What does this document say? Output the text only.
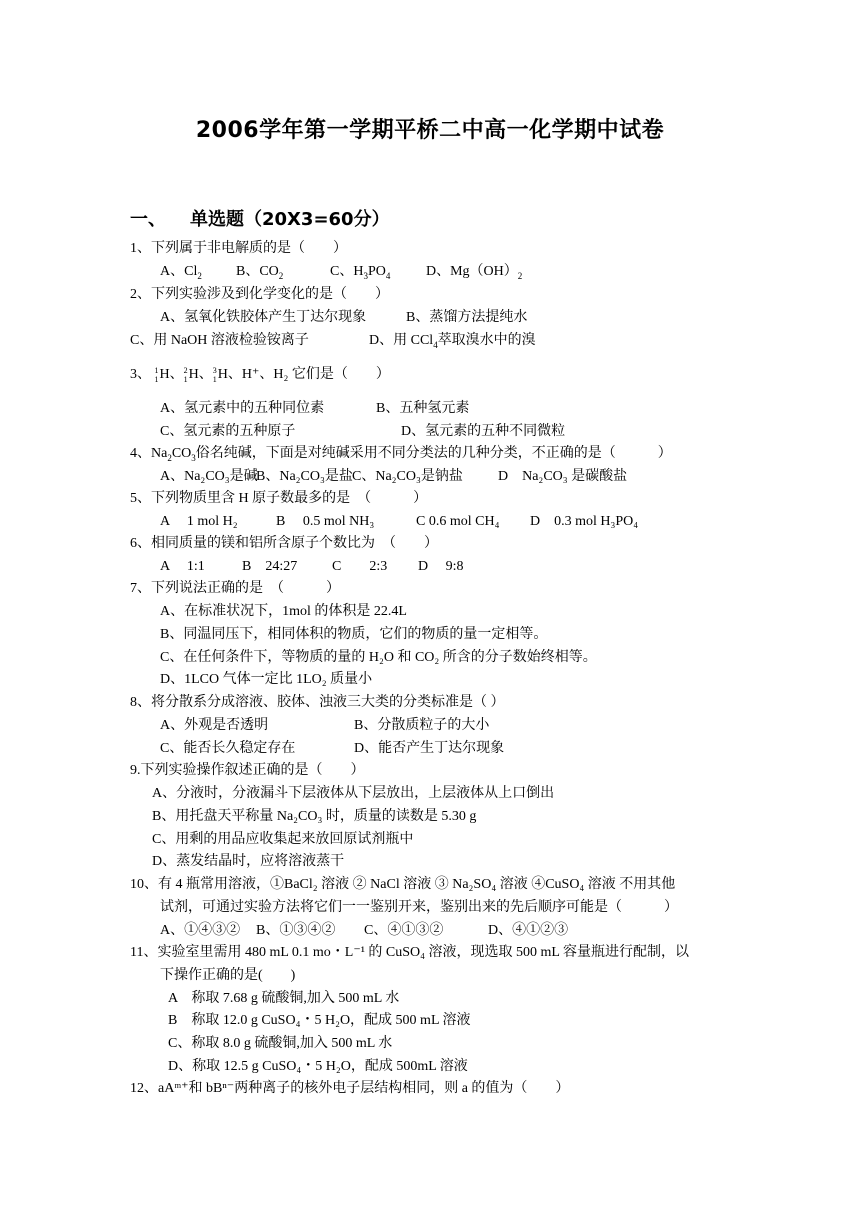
2006学年第一学期平桥二中高一化学期中试卷
一、 单选题（20X3=60分）
1、下列属于非电解质的是（　　）
A、$Cl_2$ B、$CO_2$	C、$H_3PO_4$	D、$Mg(OH)_2$
2、下列实验涉及到化学变化的是（　　）
A、氢氧化铁胶体产生丁达尔现象	B、蒸馏方法提纯水
C、用 NaOH 溶液检验铵离子	D、用 CCl$_4$萃取溴水中的溴
3、 1
1 H、 2
1 H、 3
1 H、H⁺、H₂ 它们是（　　）
A、氢元素中的五种同位素	B、五种氢元素
C、氢元素的五种原子	D、氢元素的五种不同微粒
4、$Na_2CO_3$俗名纯碱，下面是对纯碱采用不同分类法的几种分类，不正确的是（　　　）
A、Na₂CO₃是碱B、Na₂CO₃是盐C、Na₂CO₃是钠盐	D　Na₂CO₃ 是碳酸盐
5、下列物质里含 H 原子数最多的是　（　　　）
A　 1 mol H₂	B　 0.5 mol NH₃	C 0.6 mol CH₄ D　0.3 mol H₃PO₄
6、相同质量的镁和铝所含原子个数比为　（　　）
A　 1:1	B　24:27 C　　2:3 D　 9:8
7、下列说法正确的是　（　　　）
A、在标准状况下，1mol 的体积是 22.4L
B、同温同压下，相同体积的物质，它们的物质的量一定相等。
C、在任何条件下，等物质的量的 H₂O 和 CO₂ 所含的分子数始终相等。
D、1LCO 气体一定比 1LO₂ 质量小
8、将分散系分成溶液、胶体、浊液三大类的分类标准是（ ）
A、外观是否透明	B、分散质粒子的大小
C、能否长久稳定存在	D、能否产生丁达尔现象
9.下列实验操作叙述正确的是（　　）
A、分液时，分液漏斗下层液体从下层放出，上层液体从上口倒出
B、用托盘天平称量 Na₂CO₃ 时，质量的读数是 5.30 g
C、用剩的用品应收集起来放回原试剂瓶中
D、蒸发结晶时，应将溶液蒸干
10、有 4 瓶常用溶液，①BaCl₂ 溶液 ② NaCl 溶液 ③ Na₂SO₄ 溶液 ④CuSO₄ 溶液 不用其他
试剂，可通过实验方法将它们一一鉴别开来，鉴别出来的先后顺序可能是（　　　）
A、①④③② B、①③④② C、④①③②	D、④①②③
11、实验室里需用 480 mL 0.1 mo・L⁻¹ 的 CuSO₄ 溶液，现选取 500 mL 容量瓶进行配制，以
下操作正确的是(　　)
A　称取 7.68 g 硫酸铜,加入 500 mL 水
B　称取 12.0 g CuSO₄・5 H₂O，配成 500 mL 溶液
C、称取 8.0 g 硫酸铜,加入 500 mL 水
D、称取 12.5 g CuSO₄・5 H₂O，配成 500mL 溶液
12、aAᵐ⁺和 bBⁿ⁻两种离子的核外电子层结构相同，则 a 的值为（　　）
